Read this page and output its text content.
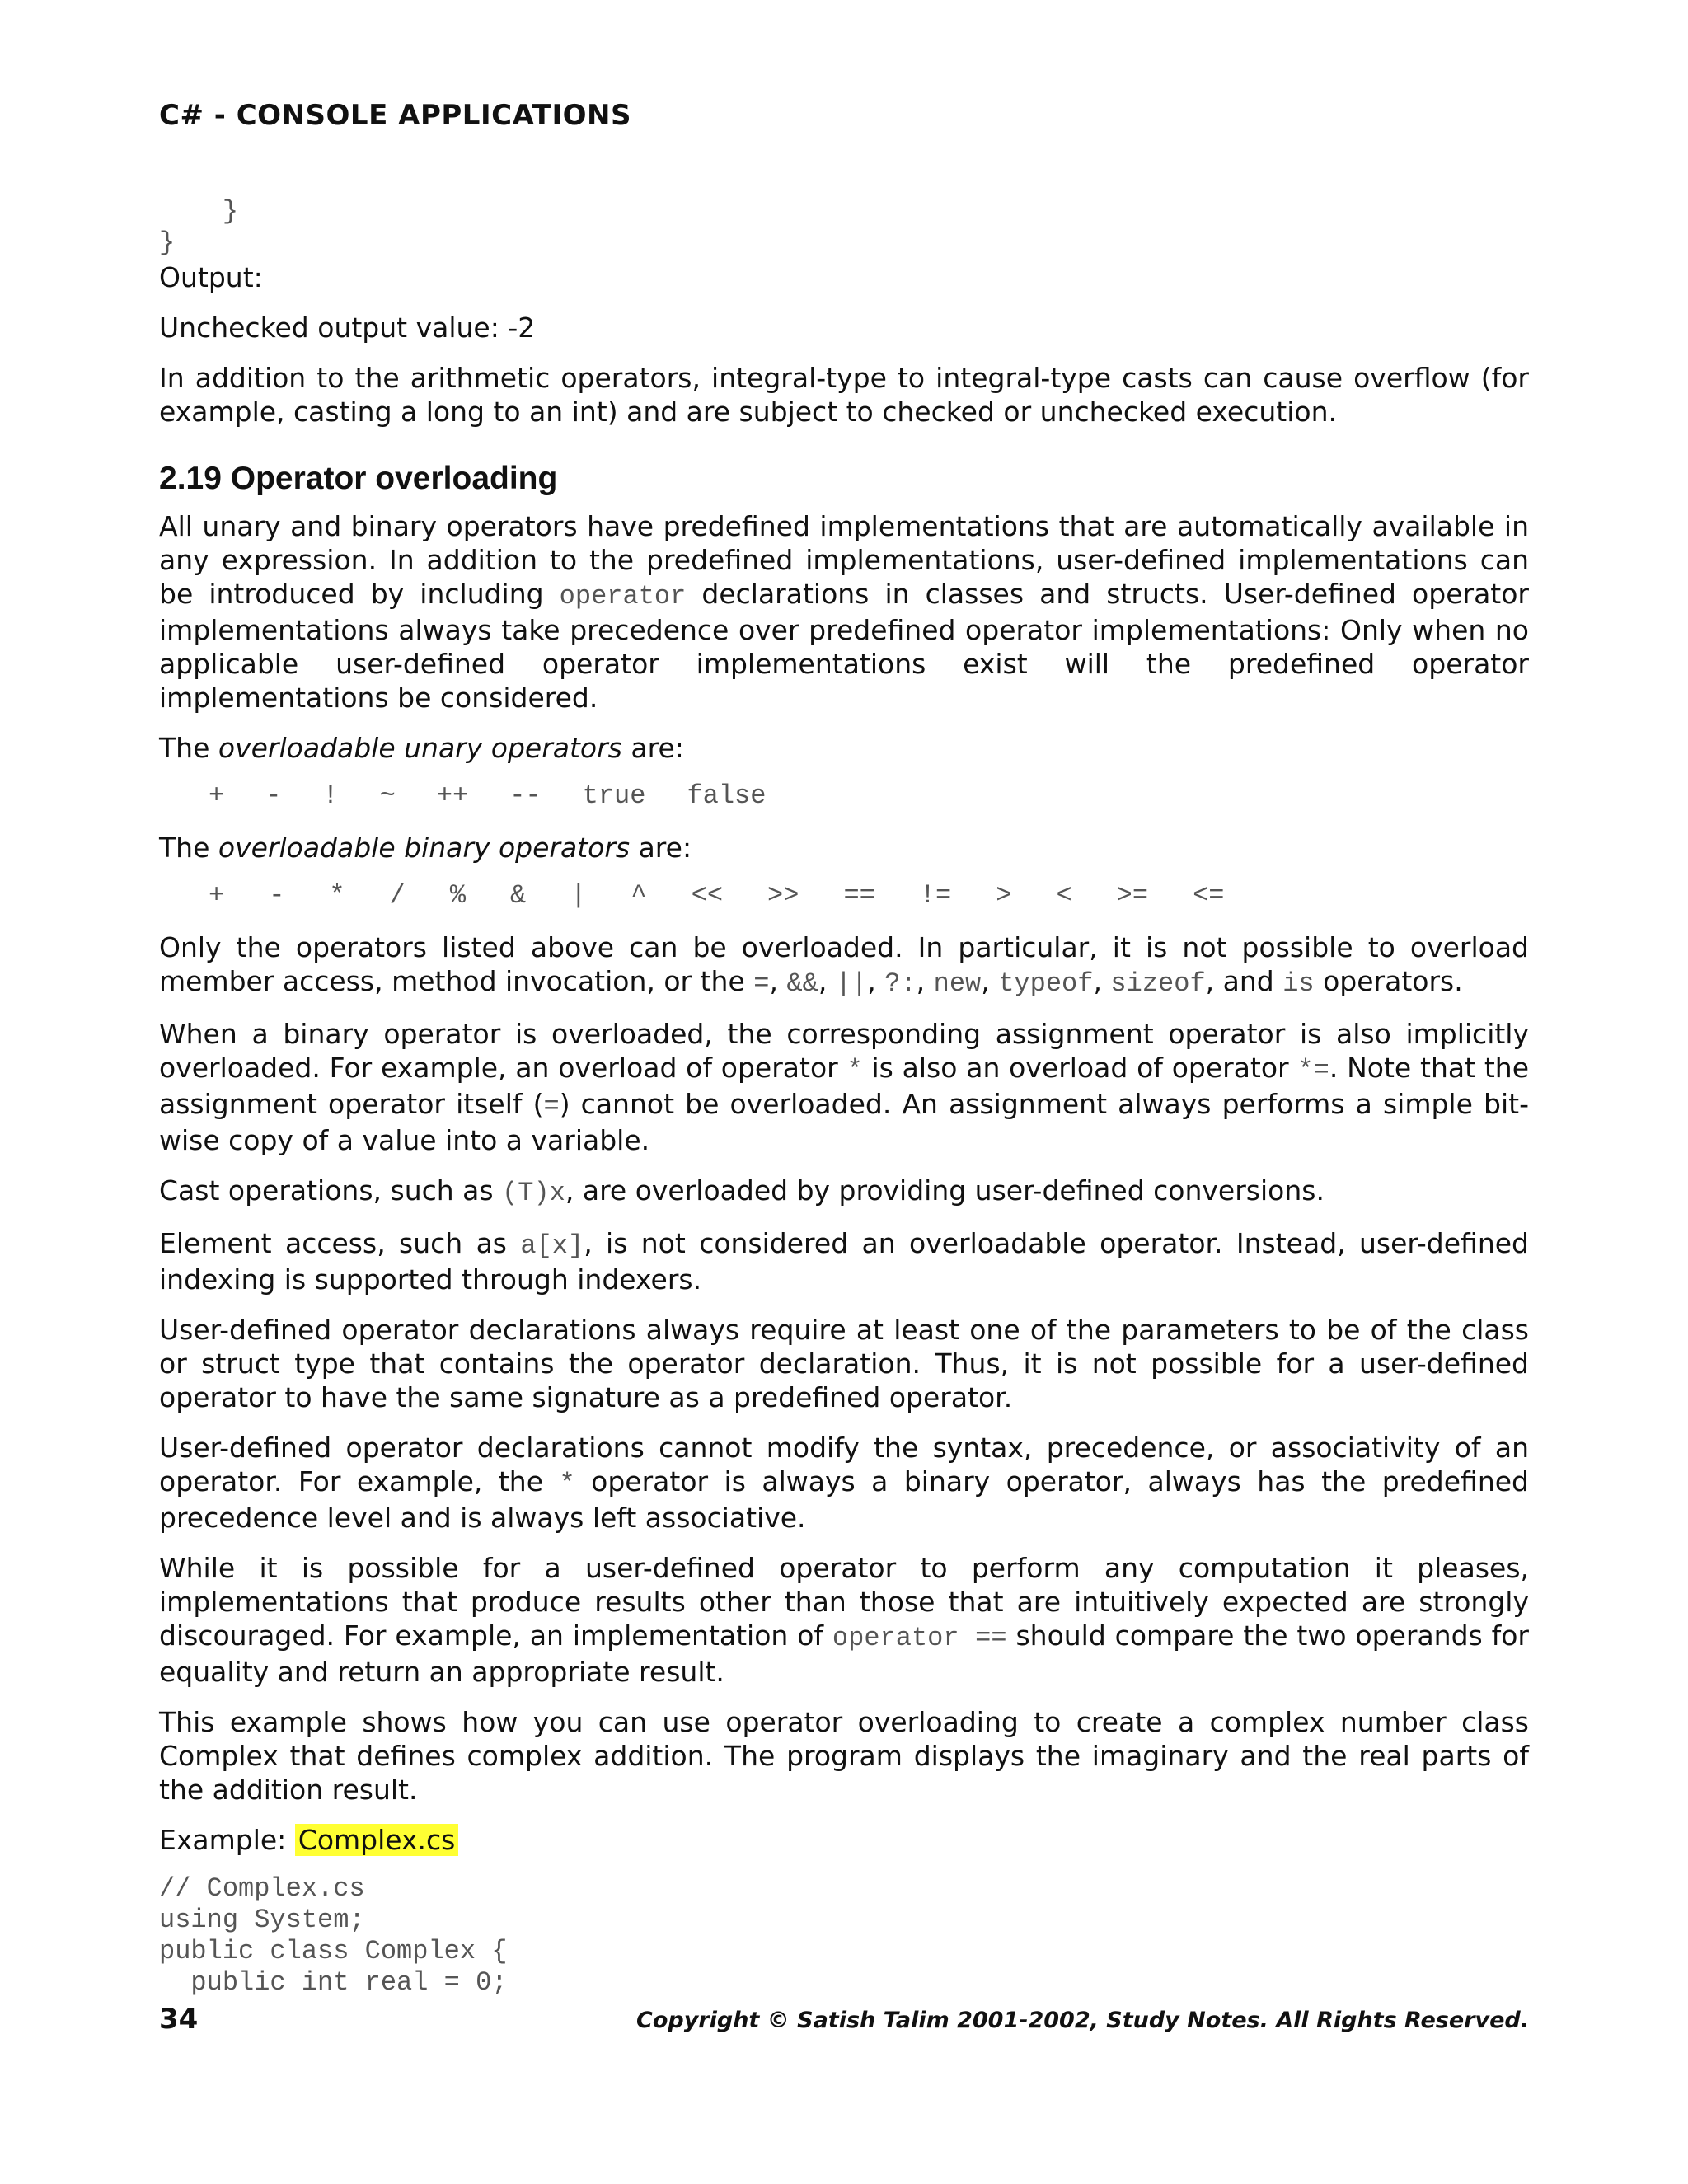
C# - CONSOLE APPLICATIONS
}
}

Output:

Unchecked output value: -2

In addition to the arithmetic operators, integral-type to integral-type casts can cause overflow (for example, casting a long to an int) and are subject to checked or unchecked execution.

2.19 Operator overloading

All unary and binary operators have predefined implementations that are automatically available in any expression. In addition to the predefined implementations, user-defined implementations can be introduced by including operator declarations in classes and structs. User-defined operator implementations always take precedence over predefined operator implementations: Only when no applicable user-defined operator implementations exist will the predefined operator implementations be considered.

The overloadable unary operators are:

+ - ! ~ ++ -- true false

The overloadable binary operators are:

+ - * / % & | ^ << >> == != > < >= <=

Only the operators listed above can be overloaded. In particular, it is not possible to overload member access, method invocation, or the =, &&, ||, ?:, new, typeof, sizeof, and is operators.

When a binary operator is overloaded, the corresponding assignment operator is also implicitly overloaded. For example, an overload of operator * is also an overload of operator *=. Note that the assignment operator itself (=) cannot be overloaded. An assignment always performs a simple bit-wise copy of a value into a variable.

Cast operations, such as (T)x, are overloaded by providing user-defined conversions.

Element access, such as a[x], is not considered an overloadable operator. Instead, user-defined indexing is supported through indexers.

User-defined operator declarations always require at least one of the parameters to be of the class or struct type that contains the operator declaration. Thus, it is not possible for a user-defined operator to have the same signature as a predefined operator.

User-defined operator declarations cannot modify the syntax, precedence, or associativity of an operator. For example, the * operator is always a binary operator, always has the predefined precedence level and is always left associative.

While it is possible for a user-defined operator to perform any computation it pleases, implementations that produce results other than those that are intuitively expected are strongly discouraged. For example, an implementation of operator == should compare the two operands for equality and return an appropriate result.

This example shows how you can use operator overloading to create a complex number class Complex that defines complex addition. The program displays the imaginary and the real parts of the addition result.

Example: Complex.cs

// Complex.cs
using System;
public class Complex {
public int real = 0;
34	Copyright © Satish Talim 2001-2002, Study Notes. All Rights Reserved.
